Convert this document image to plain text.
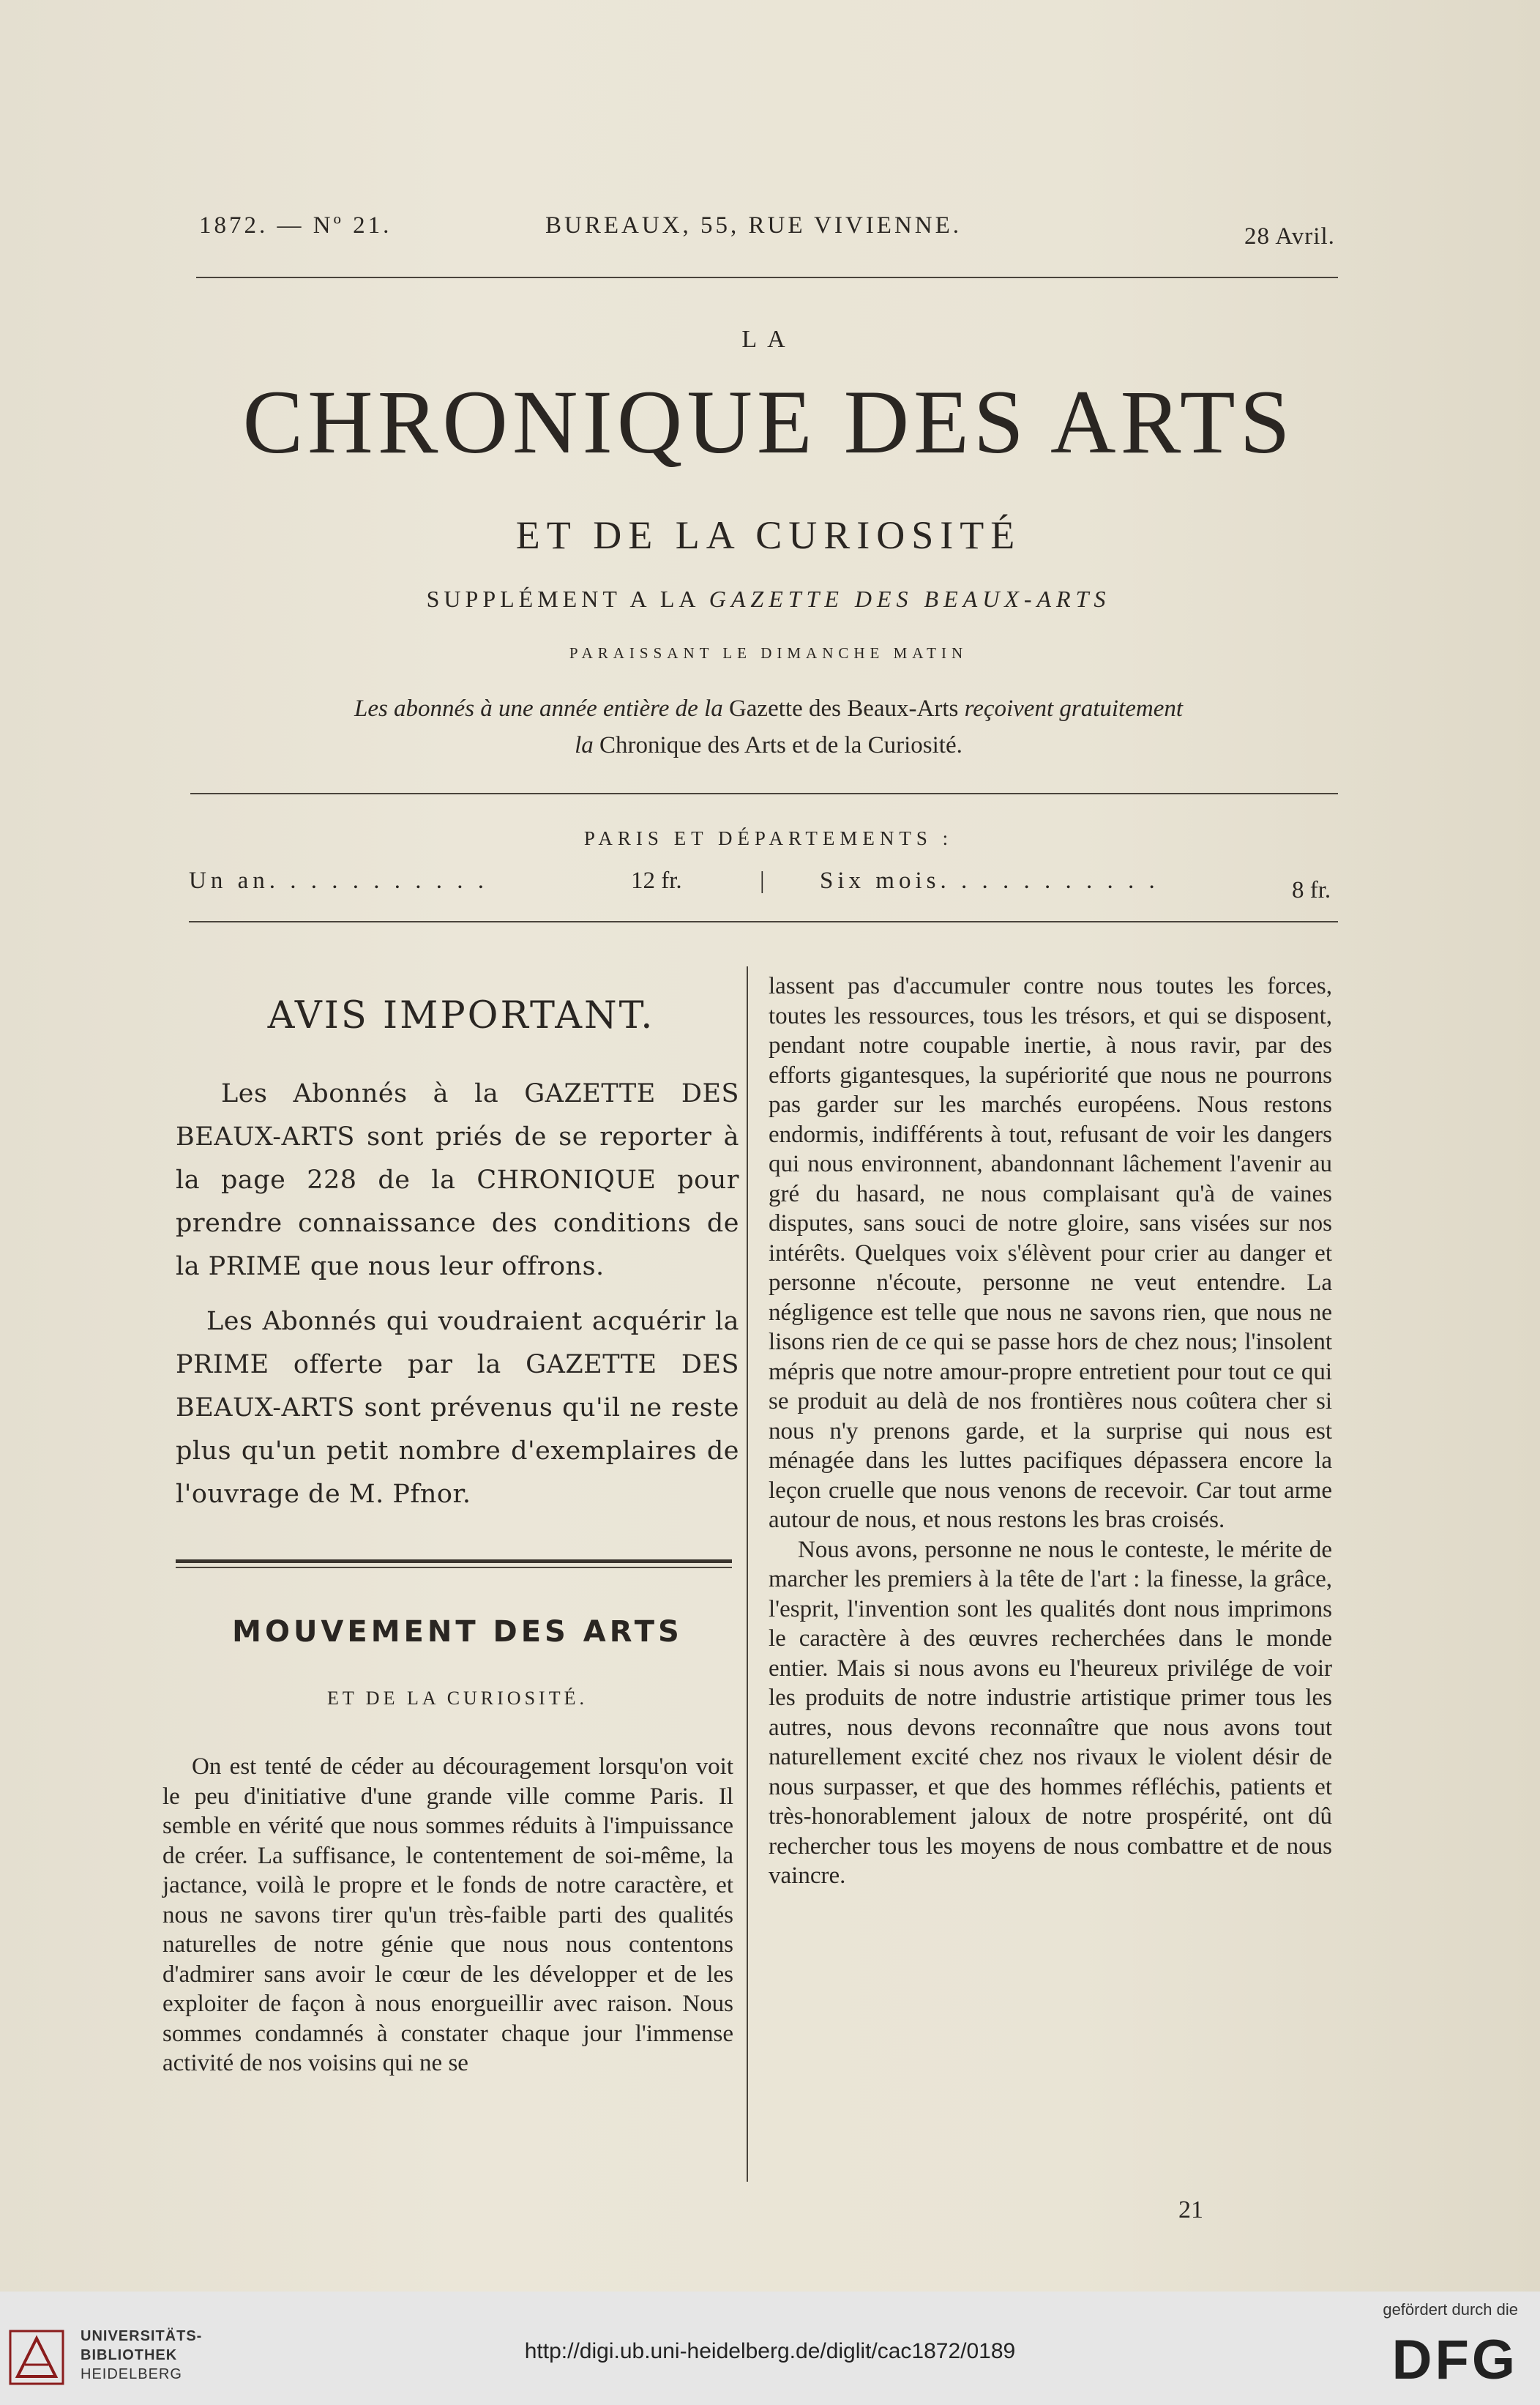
1872. — Nº 21.	BUREAUX, 55, RUE VIVIENNE.	28 Avril.
LA
CHRONIQUE DES ARTS
ET DE LA CURIOSITÉ
SUPPLÉMENT A LA GAZETTE DES BEAUX-ARTS
PARAISSANT LE DIMANCHE MATIN
Les abonnés à une année entière de la Gazette des Beaux-Arts reçoivent gratuitement
la Chronique des Arts et de la Curiosité.
PARIS ET DÉPARTEMENTS :
Un an. . . . . . . . . . .	12 fr.	| Six mois. . . . . . . . . . .	8 fr.
AVIS IMPORTANT.
Les Abonnés à la GAZETTE DES BEAUX-ARTS sont priés de se reporter à la page 228 de la CHRONIQUE pour prendre connaissance des conditions de la PRIME que nous leur offrons.
Les Abonnés qui voudraient acquérir la PRIME offerte par la GAZETTE DES BEAUX-ARTS sont prévenus qu'il ne reste plus qu'un petit nombre d'exemplaires de l'ouvrage de M. Pfnor.
MOUVEMENT DES ARTS
ET DE LA CURIOSITÉ.

On est tenté de céder au découragement lorsqu'on voit le peu d'initiative d'une grande ville comme Paris. Il semble en vérité que nous sommes réduits à l'impuissance de créer. La suffisance, le contentement de soi-même, la jactance, voilà le propre et le fonds de notre caractère, et nous ne savons tirer qu'un très-faible parti des qualités naturelles de notre génie que nous nous contentons d'admirer sans avoir le cœur de les développer et de les exploiter de façon à nous enorgueillir avec raison. Nous sommes condamnés à constater chaque jour l'immense activité de nos voisins qui ne se

lassent pas d'accumuler contre nous toutes les forces, toutes les ressources, tous les trésors, et qui se disposent, pendant notre coupable inertie, à nous ravir, par des efforts gigantesques, la supériorité que nous ne pourrons pas garder sur les marchés européens. Nous restons endormis, indifférents à tout, refusant de voir les dangers qui nous environnent, abandonnant lâchement l'avenir au gré du hasard, ne nous complaisant qu'à de vaines disputes, sans souci de notre gloire, sans visées sur nos intérêts. Quelques voix s'élèvent pour crier au danger et personne n'écoute, personne ne veut entendre. La négligence est telle que nous ne savons rien, que nous ne lisons rien de ce qui se passe hors de chez nous; l'insolent mépris que notre amour-propre entretient pour tout ce qui se produit au delà de nos frontières nous coûtera cher si nous n'y prenons garde, et la surprise qui nous est ménagée dans les luttes pacifiques dépassera encore la leçon cruelle que nous venons de recevoir. Car tout arme autour de nous, et nous restons les bras croisés.

Nous avons, personne ne nous le conteste, le mérite de marcher les premiers à la tête de l'art : la finesse, la grâce, l'esprit, l'invention sont les qualités dont nous imprimons le caractère à des œuvres recherchées dans le monde entier. Mais si nous avons eu l'heureux privilége de voir les produits de notre industrie artistique primer tous les autres, nous devons reconnaître que nous avons tout naturellement excité chez nos rivaux le violent désir de nous surpasser, et que des hommes réfléchis, patients et très-honorablement jaloux de notre prospérité, ont dû rechercher tous les moyens de nous combattre et de nous vaincre.

21
UNIVERSITÄTS-
BIBLIOTHEK
HEIDELBERG
http://digi.ub.uni-heidelberg.de/diglit/cac1872/0189
gefördert durch die
DFG
